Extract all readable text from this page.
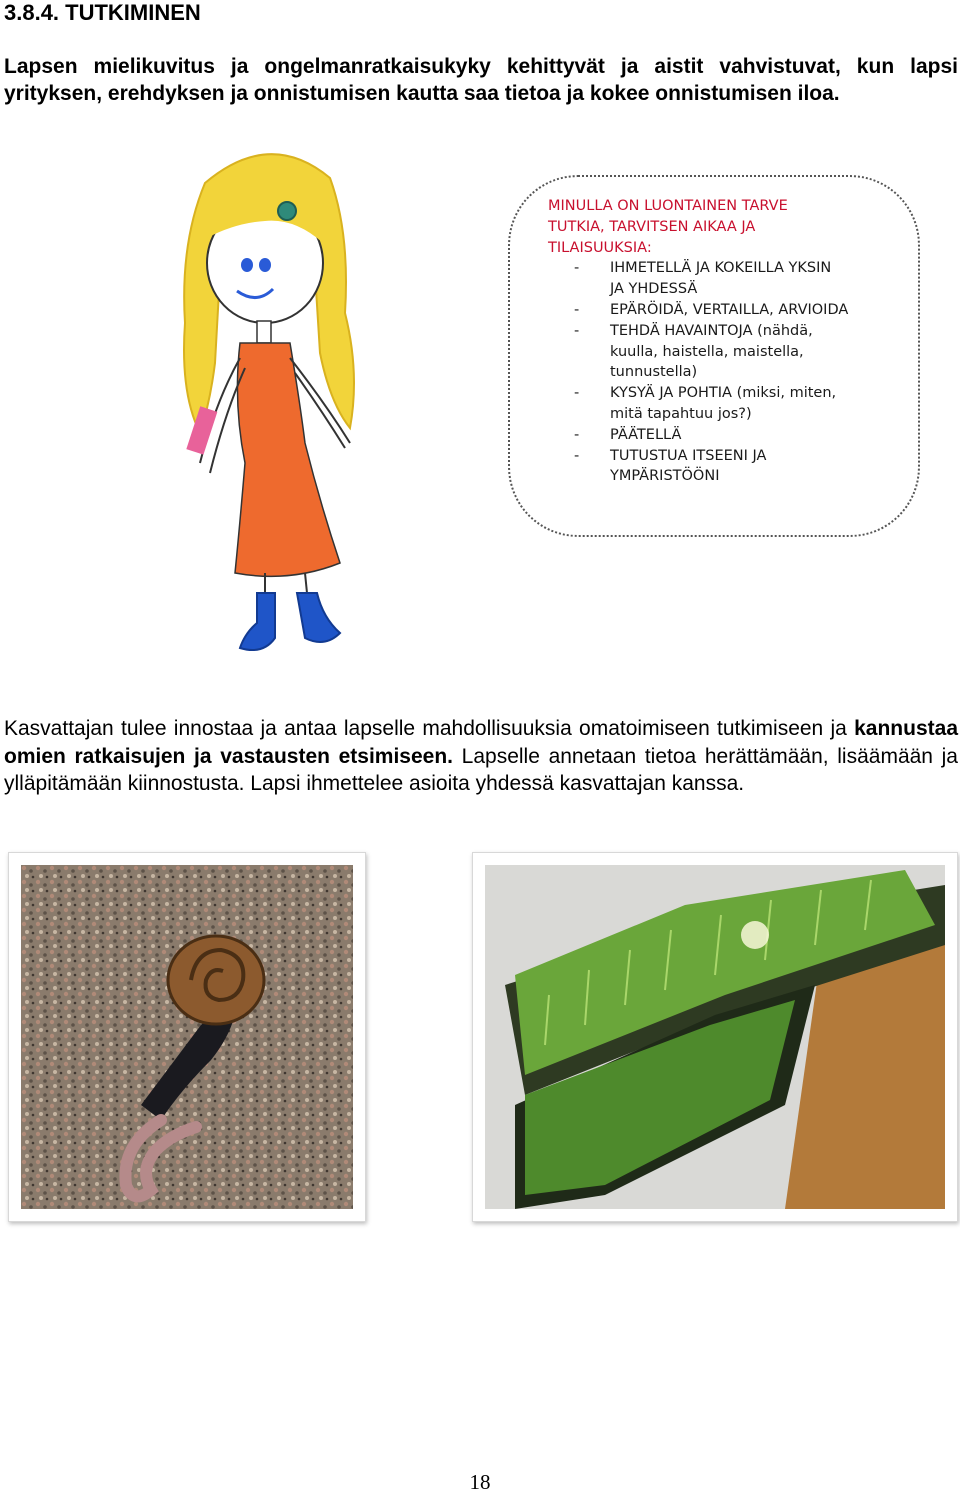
3.8.4. TUTKIMINEN

Lapsen mielikuvitus ja ongelmanratkaisukyky kehittyvät ja aistit vahvistuvat, kun lapsi yrityksen, erehdyksen ja onnistumisen kautta saa tietoa ja kokee onnistumisen iloa.

MINULLA ON LUONTAINEN TARVE
TUTKIA, TARVITSEN AIKAA JA
TILAISUUKSIA:

- IHMETELLÄ JA KOKEILLA YKSIN
JA YHDESSÄ
- EPÄRÖIDÄ, VERTAILLA, ARVIOIDA
- TEHDÄ HAVAINTOJA (nähdä,
kuulla, haistella, maistella,
tunnustella)
- KYSYÄ JA POHTIA (miksi, miten,
mitä tapahtuu jos?)
- PÄÄTELLÄ
- TUTUSTUA ITSEENI JA
YMPÄRISTÖÖNI

Kasvattajan tulee innostaa ja antaa lapselle mahdollisuuksia omatoimiseen tutkimiseen ja kannustaa omien ratkaisujen ja vastausten etsimiseen. Lapselle annetaan tietoa herättämään, lisäämään ja ylläpitämään kiinnostusta. Lapsi ihmettelee asioita yhdessä kasvattajan kanssa.

18
